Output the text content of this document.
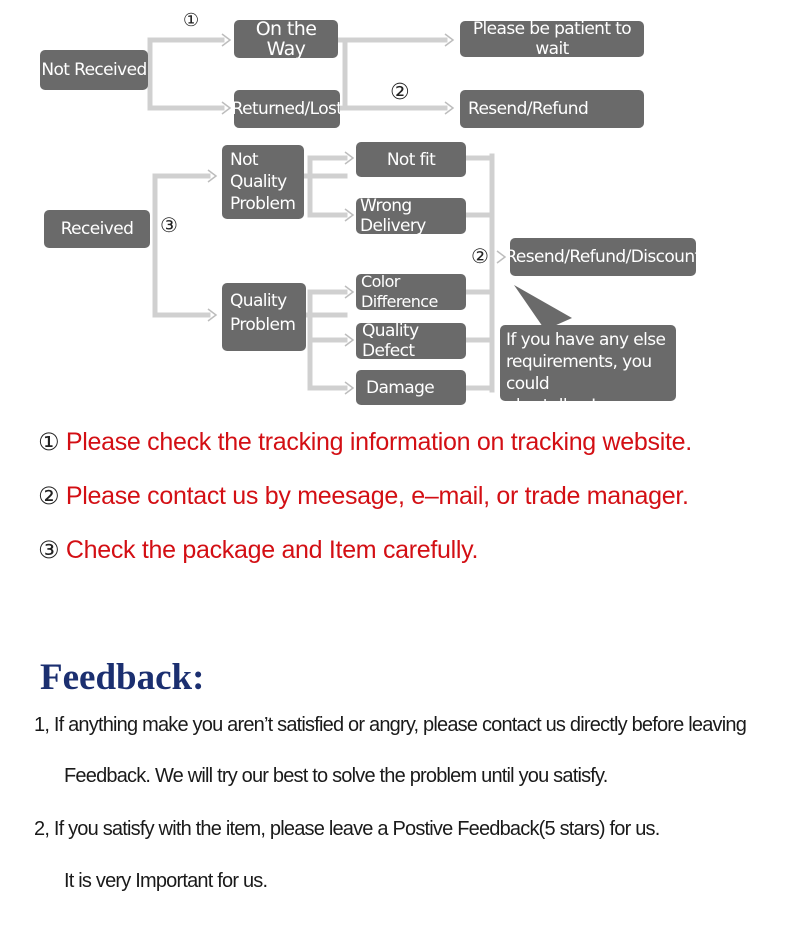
Not Received
On the Way
Returned/Lost
Please be patient to wait
Resend/Refund
Received
Not
Quality
Problem
Quality
Problem
Not fit
Wrong Delivery
Color Difference
Quality Defect
Damage
Resend/Refund/Discount
If you have any else
requirements, you could
also tell us!
①
②
③
②
① Please check the tracking information on tracking website.
② Please contact us by meesage, e–mail, or trade manager.
③ Check the package and Item carefully.
Feedback:
1, If anything make you aren’t satisfied or angry, please contact us directly before leaving
Feedback. We will try our best to solve the problem until you satisfy.
2, If you satisfy with the item, please leave a Postive Feedback(5 stars) for us.
It is very Important for us.
